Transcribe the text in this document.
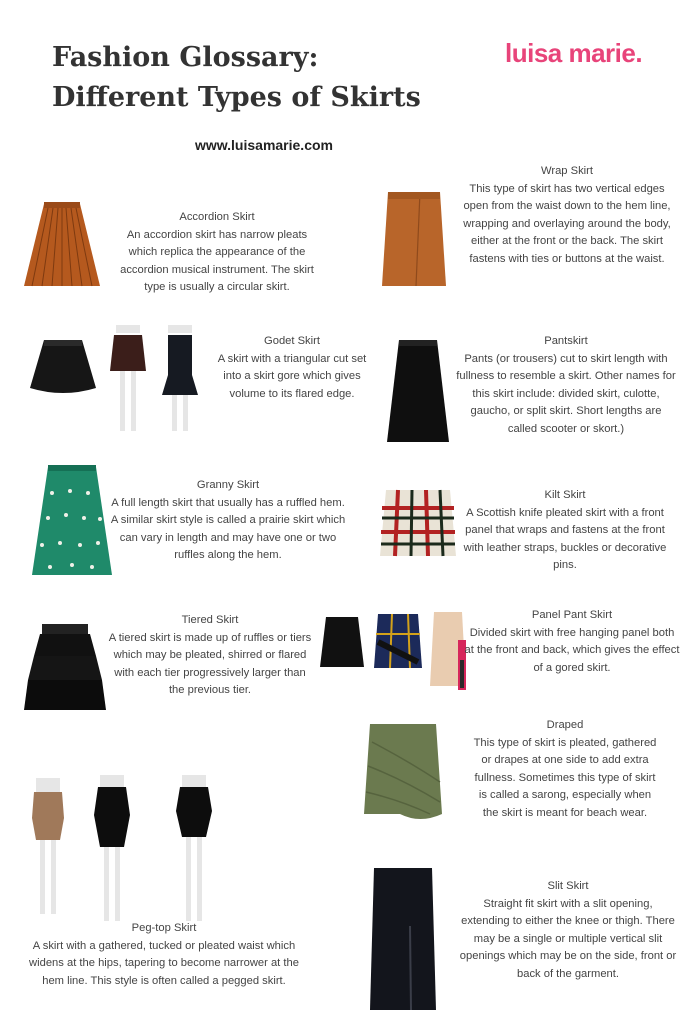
Fashion Glossary:
Different Types of Skirts
luisa marie.
www.luisamarie.com
Wrap Skirt
This type of skirt has two vertical edges open from the waist down to the hem line, wrapping and overlaying around the body, either at the front or the back. The skirt fastens with ties or buttons at the waist.
Accordion Skirt
An accordion skirt has narrow pleats which replica the appearance of the accordion musical instrument. The skirt type is usually a circular skirt.
Godet Skirt
A skirt with a triangular cut set into a skirt gore which gives volume to its flared edge.
Pantskirt
Pants (or trousers) cut to skirt length with fullness to resemble a skirt. Other names for this skirt include: divided skirt, culotte, gaucho, or split skirt. Short lengths are called scooter or skort.)
Granny Skirt
A full length skirt that usually has a ruffled hem. A similar skirt style is called a prairie skirt which can vary in length and may have one or two ruffles along the hem.
Kilt Skirt
A Scottish knife pleated skirt with a front panel that wraps and fastens at the front with leather straps, buckles or decorative pins.
Panel Pant Skirt
Divided skirt with free hanging panel both at the front and back, which gives the effect of a gored skirt.
Tiered Skirt
A tiered skirt is made up of ruffles or tiers which may be pleated, shirred or flared with each tier progressively larger than the previous tier.
Draped
This type of skirt is pleated, gathered or drapes at one side to add extra fullness. Sometimes this type of skirt is called a sarong, especially when the skirt is meant for beach wear.
Slit Skirt
Straight fit skirt with a slit opening, extending to either the knee or thigh. There may be a single or multiple vertical slit openings which may be on the side, front or back of the garment.
Peg-top Skirt
A skirt with a gathered, tucked or pleated waist which widens at the hips, tapering to become narrower at the hem line. This style is often called a pegged skirt.
